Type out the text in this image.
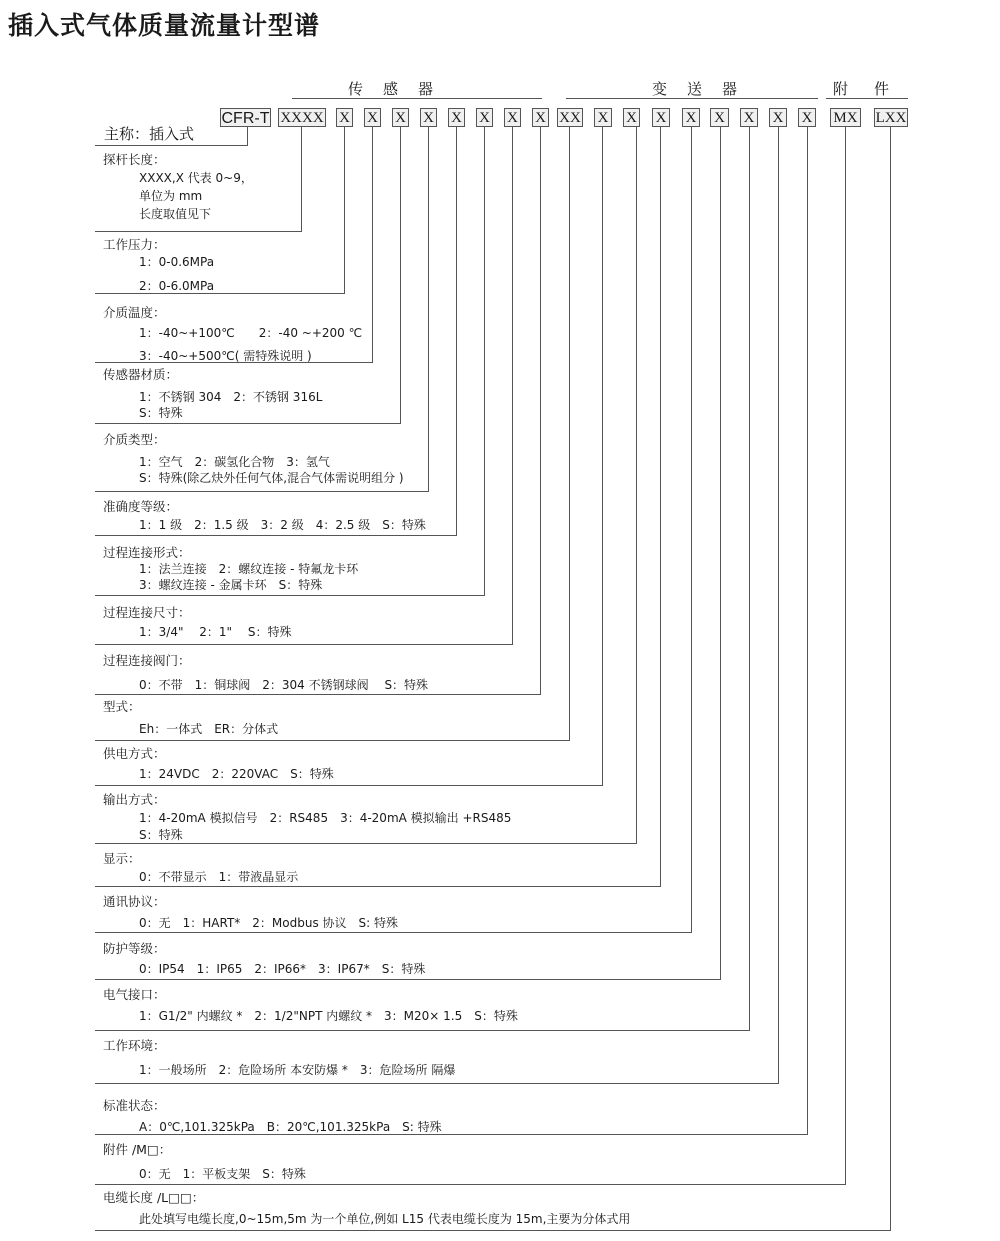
插入式气体质量流量计型谱
传感器	变送器	附件
CFR-T XXXX X X X X X X X X XX X X X X X X X X MX LXX
主称：插入式
探杆长度：
XXXX,X 代表 0~9，
单位为 mm
长度取值见下
工作压力：
1：0-0.6MPa
2：0-6.0MPa
介质温度：
1：-40~+100℃　　2：-40 ~+200 ℃
3：-40~+500℃( 需特殊说明 )
传感器材质：
1：不锈钢 304　2：不锈钢 316L
S：特殊
介质类型：
1：空气　2：碳氢化合物　3：氢气
S：特殊(除乙炔外任何气体,混合气体需说明组分 )
准确度等级：
1：1 级　2：1.5 级　3：2 级　4：2.5 级　S：特殊
过程连接形式：
1：法兰连接　2：螺纹连接 - 特氟龙卡环
3：螺纹连接 - 金属卡环　S：特殊
过程连接尺寸：
1：3/4"　 2：1"　 S：特殊
过程连接阀门：
0：不带　1：铜球阀　2：304 不锈钢球阀　 S：特殊
型式：
Eh：一体式　ER：分体式
供电方式：
1：24VDC　2：220VAC　S：特殊
输出方式：
1：4-20mA 模拟信号　2：RS485　3：4-20mA 模拟输出 +RS485
S：特殊
显示：
0：不带显示　1：带液晶显示
通讯协议：
0：无　1：HART*　2：Modbus 协议　S: 特殊
防护等级：
0：IP54　1：IP65　2：IP66*　3：IP67*　S：特殊
电气接口：
1：G1/2" 内螺纹 *　2：1/2"NPT 内螺纹 *　3：M20× 1.5　S：特殊
工作环境：
1：一般场所　2：危险场所 本安防爆 *　3：危险场所 隔爆
标准状态：
A：0℃,101.325kPa　B：20℃,101.325kPa　S: 特殊
附件 /M□：
0：无　1：平板支架　S：特殊
电缆长度 /L□□：
此处填写电缆长度,0~15m,5m 为一个单位,例如 L15 代表电缆长度为 15m,主要为分体式用
